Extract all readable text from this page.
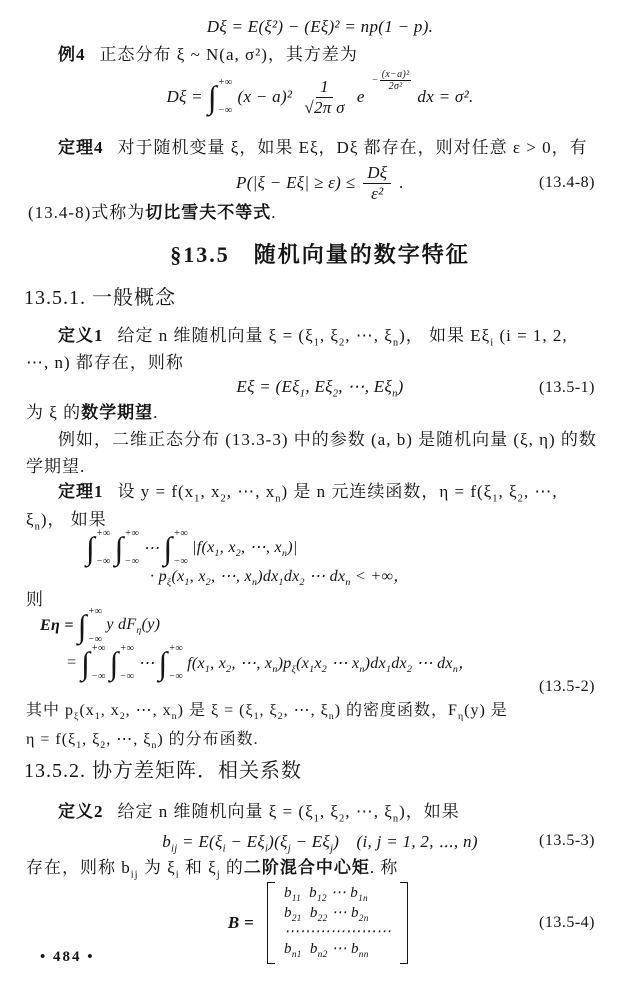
Dξ = E(ξ²) − (Eξ)² = np(1 − p).
例4 正态分布 ξ ~ N(a, σ²)，其方差为
Dξ = ∫ +∞
−∞
$(x - a)^2 \frac{1}{\text{√2π σ}}$ e
− $\frac{\text{(x−a)²}}{\text{2σ²}}$
dx = σ².
定理4 对于随机变量 ξ，如果 Eξ，Dξ 都存在，则对任意 ε > 0，有
$P(|\xi - E\xi| \ge \varepsilon) \le \frac{D\xi}{\text{ε²}}$ .	(13.4-8)
(13.4-8)式称为切比雪夫不等式.
§13.5　随机向量的数字特征
13.5.1. 一般概念
定义1 给定 n 维随机向量 $\xi = (\xi_1$, $\xi_2$, ⋯, $\xi_n$)， 如果 $E\xi_i$ (i = 1, 2,
⋯, n) 都存在，则称
$E\xi = (E\xi_1$, $E\xi_2$, ⋯, $E\xi_n$)	(13.5-1)
为 ξ 的数学期望.
例如，二维正态分布 (13.3-3) 中的参数 (a, b) 是随机向量 (ξ, η) 的数
学期望.
定理1 设 $y = f(x_1$, $x_2$, ⋯, $x_n$) 是 n 元连续函数，$\eta = f(\xi_1$, $\xi_2$, ⋯,
$\xi_n$)， 如果
∫ +∞
−∞ ∫ +∞
−∞
⋯ ∫ +∞
−∞
$|f(x_1$, $x_2$, ⋯, $x_n)|$
· $p_\xi(x_1$, $x_2$, ⋯, $x_n)dx_1dx_2$ ⋯ $dx_n$ < +∞，
则
Eη = ∫ +∞
−∞
y $dF_\eta(y)$
= ∫ +∞
−∞ ∫ +∞
−∞
⋯ ∫ +∞
−∞
$f(x_1$, $x_2$, ⋯, $x_n)p_\xi(x_1x_2$ ⋯ $x_n)dx_1dx_2$ ⋯ $dx_n$，
(13.5-2)
其中 $p_\xi(x_1$, $x_2$, ⋯, $x_n$) 是 $\xi = (\xi_1$, $\xi_2$, ⋯, $\xi_n$) 的密度函数，$F_\eta(y)$ 是
$\eta = f(\xi_1$, $\xi_2$, ⋯, $\xi_n$) 的分布函数.
13.5.2. 协方差矩阵．相关系数
定义2 给定 n 维随机向量 $\xi = (\xi_1$, $\xi_2$, ⋯, $\xi_n$)，如果
$b_{ij} = E(\xi_i - E\xi_i)(\xi_j - E\xi_j)$　(i, j = 1, 2, ⋯, n)	(13.5-3)
存在，则称 $b_{ij}$ 为 $\xi_i$ 和 $\xi_j$ 的二阶混合中心矩. 称
B =
$b_{11}$  $b_{12}$ ⋯ $b_{1n}$
$b_{21}$  $b_{22}$ ⋯ $b_{2n}$
⋯⋯⋯⋯⋯⋯⋯
$b_{n1}$  $b_{n2}$ ⋯ $b_{nn}$
(13.5-4)
• 484 •
